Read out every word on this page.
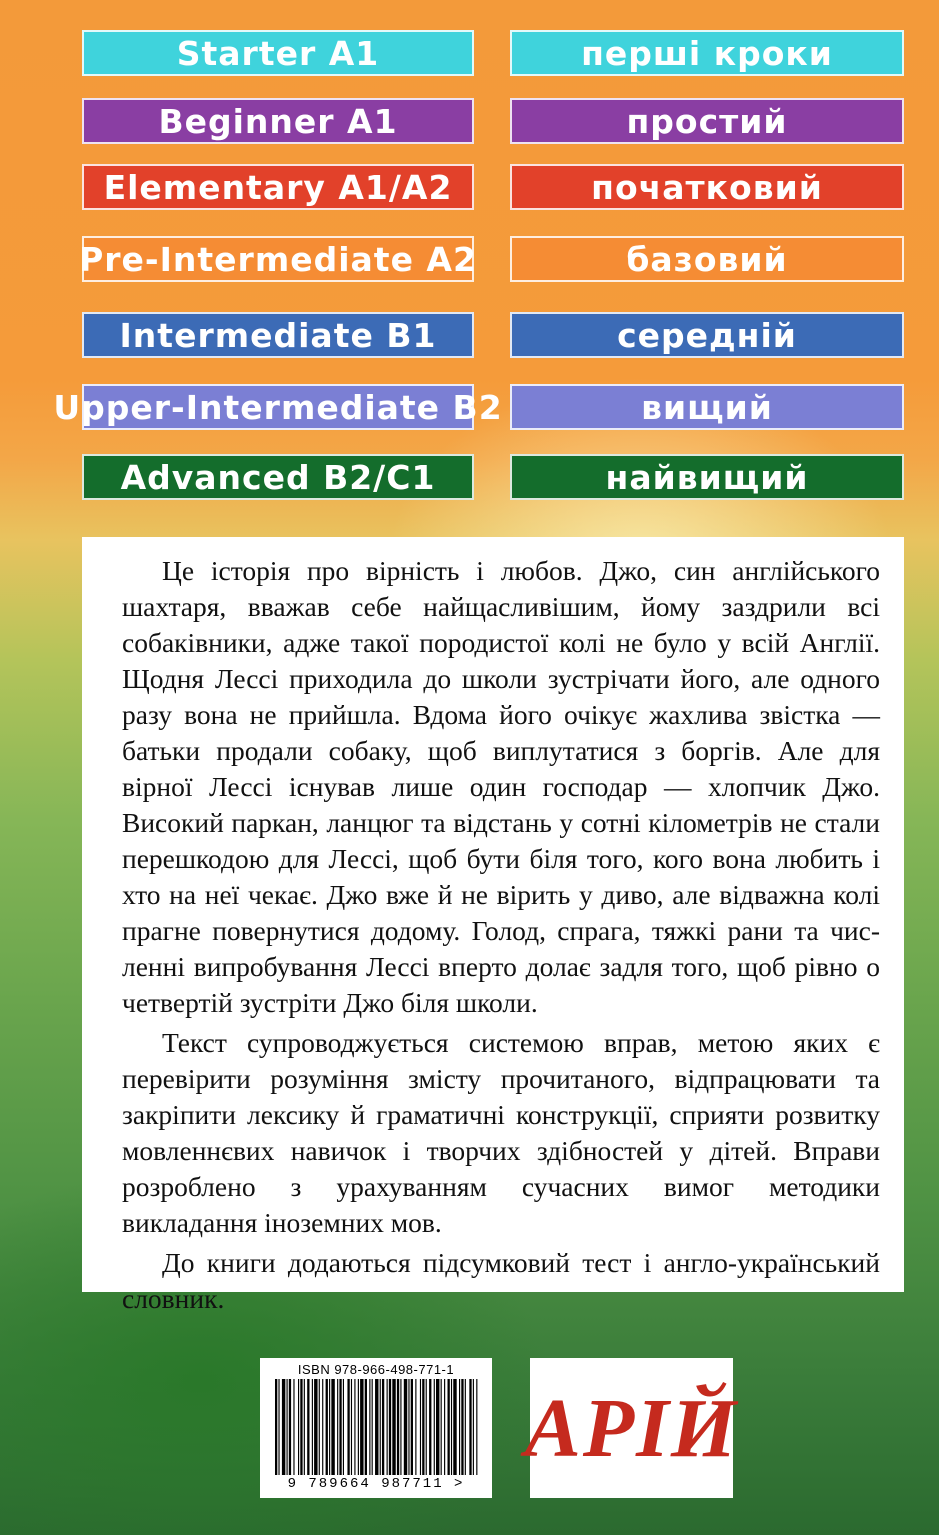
Starter A1	перші кроки
Beginner A1	простий
Elementary A1/A2	початковий
Pre-Intermediate A2	базовий
Intermediate B1	середній
Upper-Intermediate B2	вищий
Advanced B2/C1	найвищий

Це історія про вірність і любов. Джо, син англійського шахтаря, вважав себе найщасливішим, йому заздрили всі собаківники, адже такої породистої колі не було у всій Англії. Щодня Лессі приходила до школи зустрічати його, але одного разу вона не прийшла. Вдома його очікує жахлива звістка — батьки продали собаку, щоб виплутатися з боргів. Але для вірної Лессі існував лише один господар — хлопчик Джо. Високий паркан, ланцюг та відстань у сотні кілометрів не стали перешкодою для Лессі, щоб бути біля того, кого вона любить і хто на неї чекає. Джо вже й не вірить у диво, але відважна колі прагне повернутися додому. Голод, спрага, тяжкі рани та численні випробування Лессі вперто долає задля того, щоб рівно о четвертій зустріти Джо біля школи.

Текст супроводжується системою вправ, метою яких є перевірити розуміння змісту прочитаного, відпрацювати та закріпити лексику й граматичні конструкції, сприяти розвитку мовленнєвих навичок і творчих здібностей у дітей. Вправи розроблено з урахуванням сучасних вимог методики викладання іноземних мов.

До книги додаються підсумковий тест і англо-український словник.

ISBN 978-966-498-771-1
9 789664 987711 >
АРІЙ
